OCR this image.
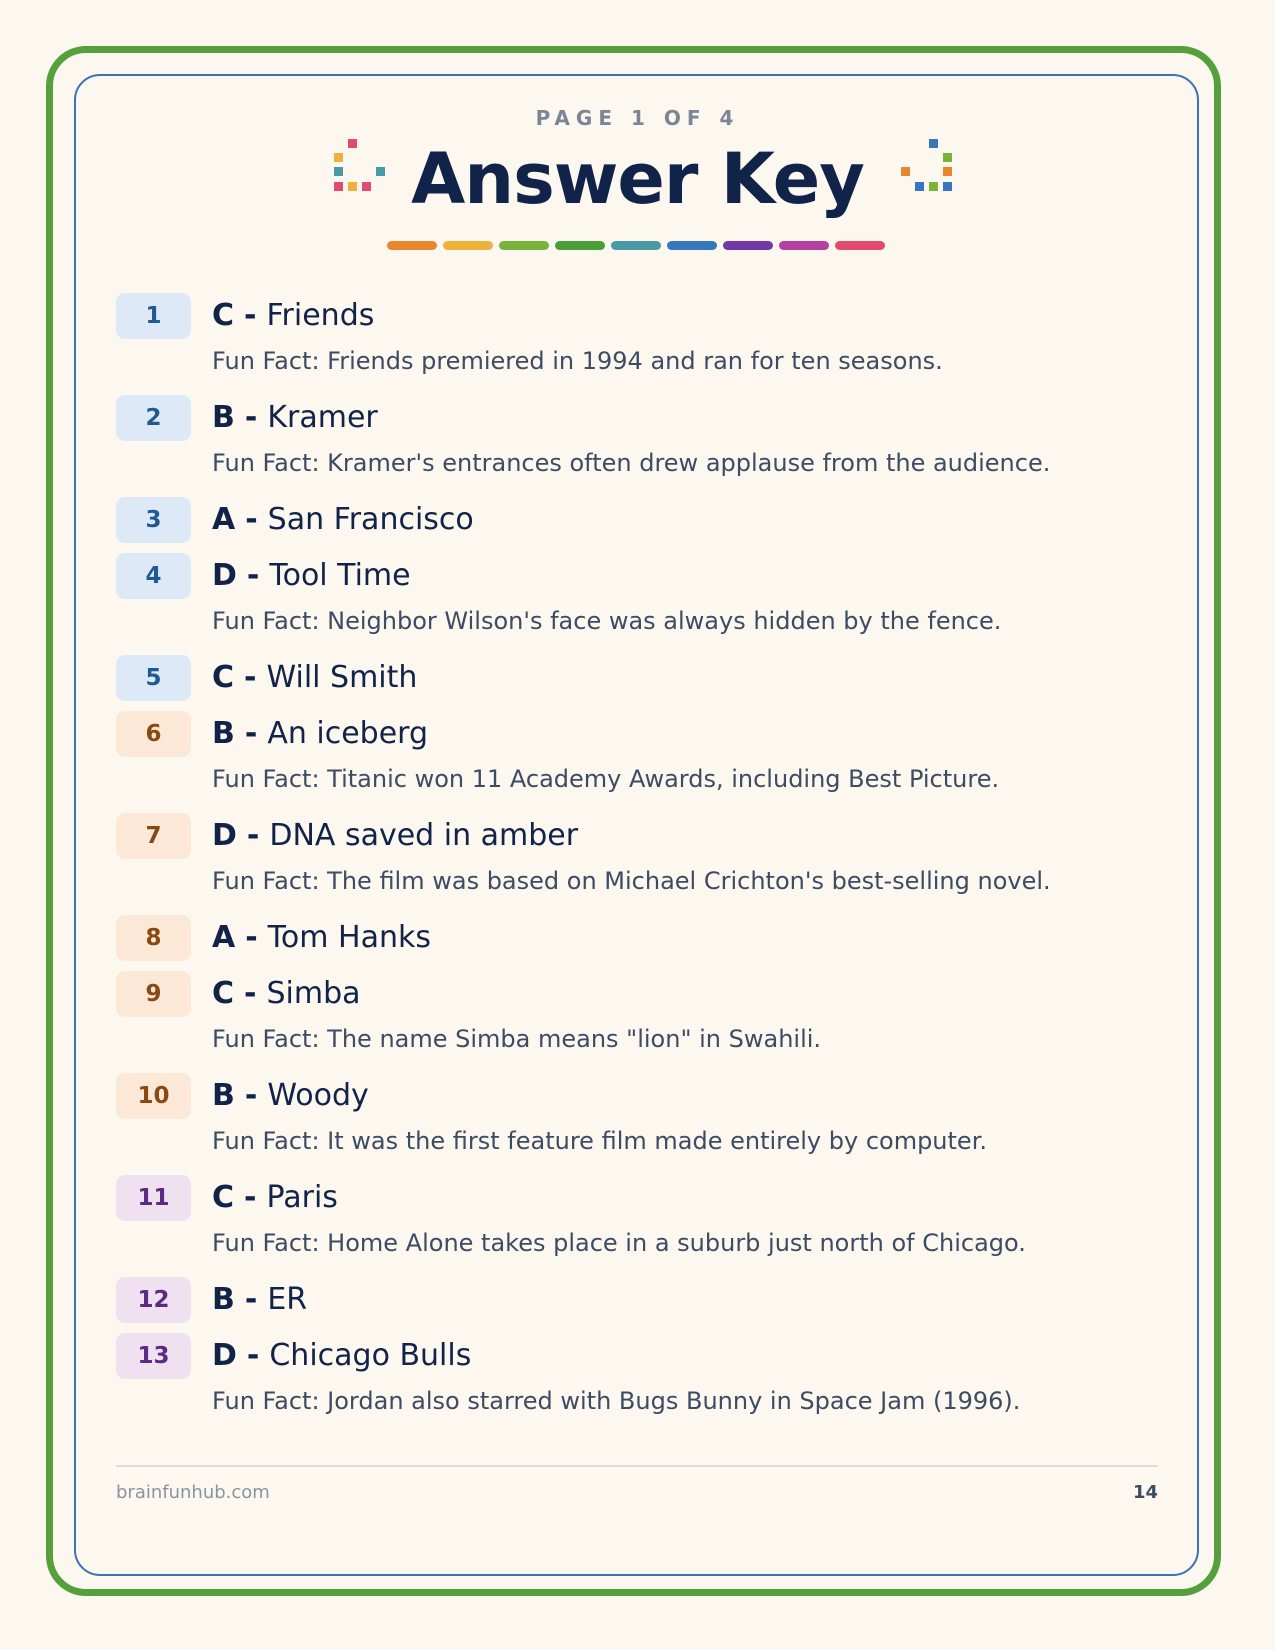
PAGE 1 OF 4
Answer Key
1	C - Friends
Fun Fact: Friends premiered in 1994 and ran for ten seasons.
2	B - Kramer
Fun Fact: Kramer's entrances often drew applause from the audience.
3	A - San Francisco
4	D - Tool Time
Fun Fact: Neighbor Wilson's face was always hidden by the fence.
5	C - Will Smith
6	B - An iceberg
Fun Fact: Titanic won 11 Academy Awards, including Best Picture.
7	D - DNA saved in amber
Fun Fact: The film was based on Michael Crichton's best-selling novel.
8	A - Tom Hanks
9	C - Simba
Fun Fact: The name Simba means "lion" in Swahili.
10	B - Woody
Fun Fact: It was the first feature film made entirely by computer.
11	C - Paris
Fun Fact: Home Alone takes place in a suburb just north of Chicago.
12	B - ER
13	D - Chicago Bulls
Fun Fact: Jordan also starred with Bugs Bunny in Space Jam (1996).
brainfunhub.com	14
